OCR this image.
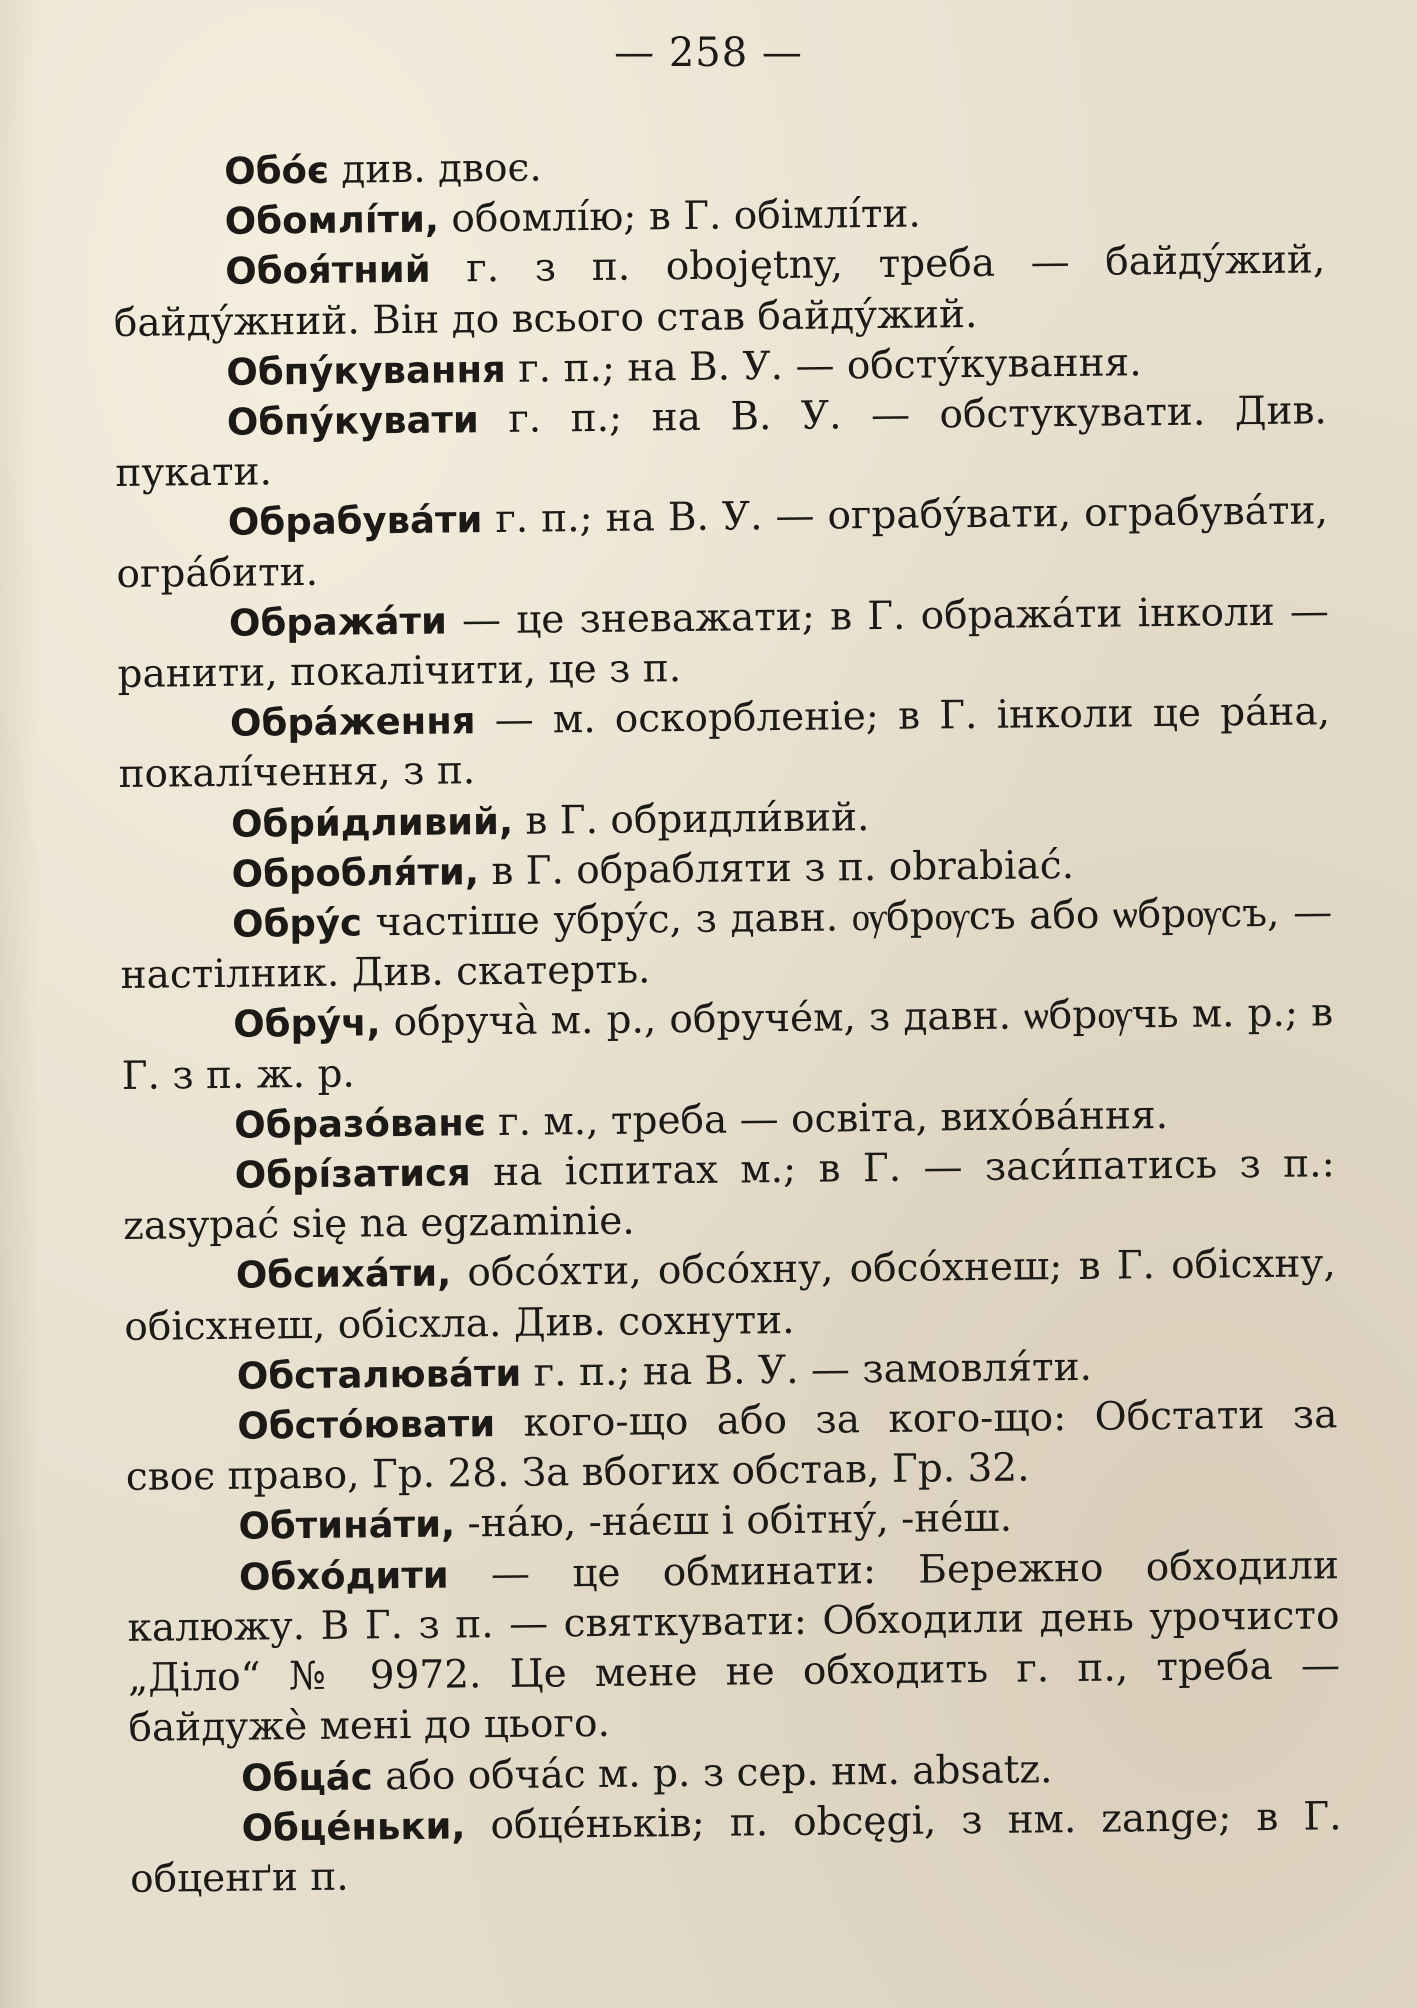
— 258 —

Обо́є див. двоє.

Обомлі́ти, обомлі́ю; в Г. обімлі́ти.

Обоя́тний г. з п. obojętny, треба — байду́жий, байду́жний. Він до всього став байду́жий.

Обпу́кування г. п.; на В. У. — обсту́кування.

Обпу́кувати г. п.; на В. У. — обстукувати. Див. пукати.

Обрабува́ти г. п.; на В. У. — ограбу́вати, ограбува́ти, огра́бити.

Обража́ти — це зневажати; в Г. обража́ти інколи — ранити, покалічити, це з п.

Обра́ження — м. оскорбленіе; в Г. інколи це ра́на, покалі́чення, з п.

Обри́дливий, в Г. обридли́вий.

Обробля́ти, в Г. обрабляти з п. obrabiać.

Обру́с частіше убру́с, з давн. ѹбрѹсъ або ѡбрѹсъ, — настілник. Див. скатерть.

Обру́ч, обруча̀ м. р., обруче́м, з давн. ѡбрѹчь м. р.; в Г. з п. ж. р.

Образо́ванє г. м., треба — освіта, вихо́ва́ння.

Обрі́затися на іспитах м.; в Г. — заси́патись з п.: zasypać się na egzaminie.

Обсиха́ти, обсо́хти, обсо́хну, обсо́хнеш; в Г. обісхну, обісхнеш, обісхла. Див. сохнути.

Обсталюва́ти г. п.; на В. У. — замовля́ти.

Обсто́ювати кого-що або за кого-що: Обстати за своє право, Гр. 28. За вбогих обстав, Гр. 32.

Обтина́ти, -на́ю, -на́єш і обітну́, -не́ш.

Обхо́дити — це обминати: Бережно обходили калюжу. В Г. з п. — святкувати: Обходили день урочисто „Діло“ № 9972. Це мене не обходить г. п., треба — байдужѐ мені до цього.

Обца́с або обча́с м. р. з сер. нм. absatz.

Обце́ньки, обце́ньків; п. obcęgi, з нм. zange; в Г. обценґи п.
